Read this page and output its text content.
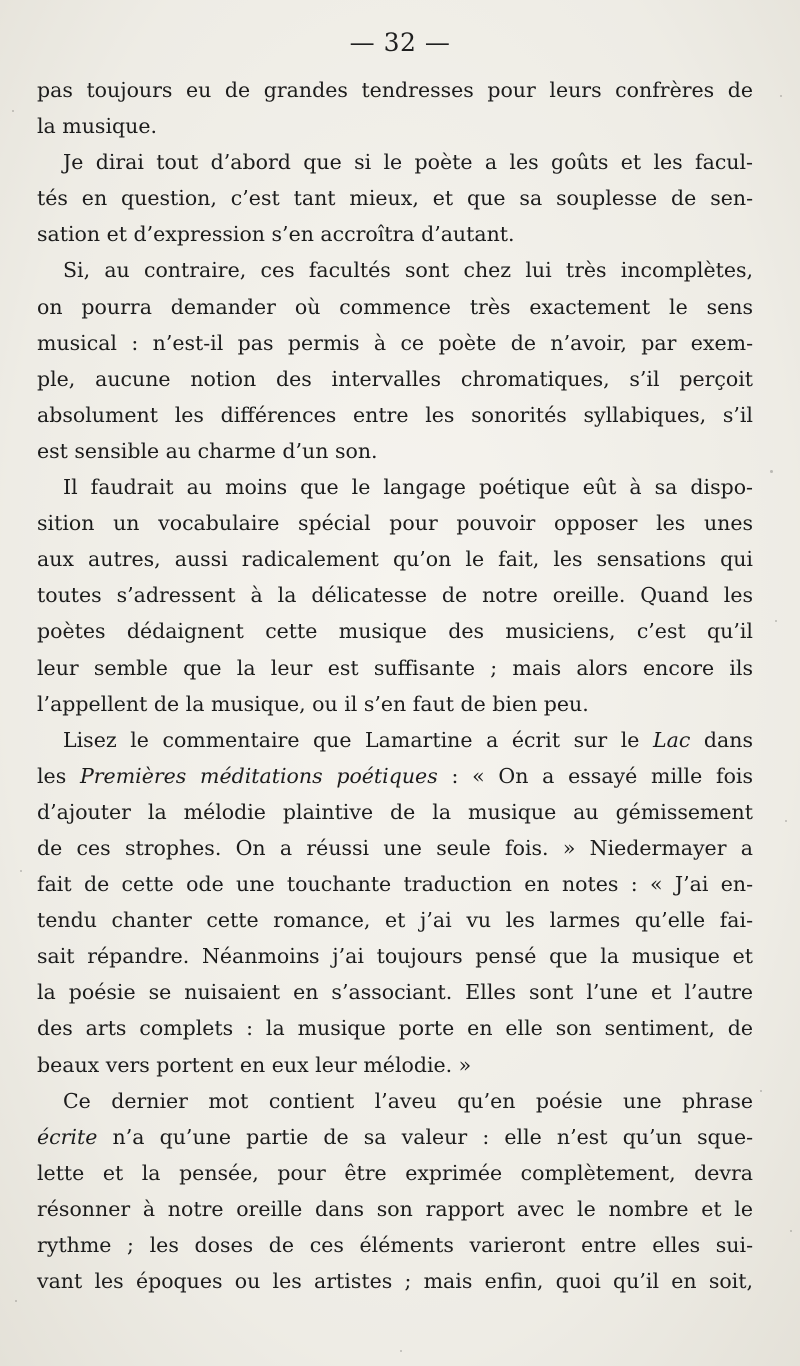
— 32 —
pas toujours eu de grandes tendresses pour leurs confrères de
la musique.
Je dirai tout d’abord que si le poète a les goûts et les facul-
tés en question, c’est tant mieux, et que sa souplesse de sen-
sation et d’expression s’en accroîtra d’autant.
Si, au contraire, ces facultés sont chez lui très incomplètes,
on pourra demander où commence très exactement le sens
musical : n’est-il pas permis à ce poète de n’avoir, par exem-
ple, aucune notion des intervalles chromatiques, s’il perçoit
absolument les différences entre les sonorités syllabiques, s’il
est sensible au charme d’un son.
Il faudrait au moins que le langage poétique eût à sa dispo-
sition un vocabulaire spécial pour pouvoir opposer les unes
aux autres, aussi radicalement qu’on le fait, les sensations qui
toutes s’adressent à la délicatesse de notre oreille. Quand les
poètes dédaignent cette musique des musiciens, c’est qu’il
leur semble que la leur est suffisante ; mais alors encore ils
l’appellent de la musique, ou il s’en faut de bien peu.
Lisez le commentaire que Lamartine a écrit sur le Lac dans
les Premières méditations poétiques : « On a essayé mille fois
d’ajouter la mélodie plaintive de la musique au gémissement
de ces strophes. On a réussi une seule fois. » Niedermayer a
fait de cette ode une touchante traduction en notes : « J’ai en-
tendu chanter cette romance, et j’ai vu les larmes qu’elle fai-
sait répandre. Néanmoins j’ai toujours pensé que la musique et
la poésie se nuisaient en s’associant. Elles sont l’une et l’autre
des arts complets : la musique porte en elle son sentiment, de
beaux vers portent en eux leur mélodie. »
Ce dernier mot contient l’aveu qu’en poésie une phrase
écrite n’a qu’une partie de sa valeur : elle n’est qu’un sque-
lette et la pensée, pour être exprimée complètement, devra
résonner à notre oreille dans son rapport avec le nombre et le
rythme ; les doses de ces éléments varieront entre elles sui-
vant les époques ou les artistes ; mais enfin, quoi qu’il en soit,
